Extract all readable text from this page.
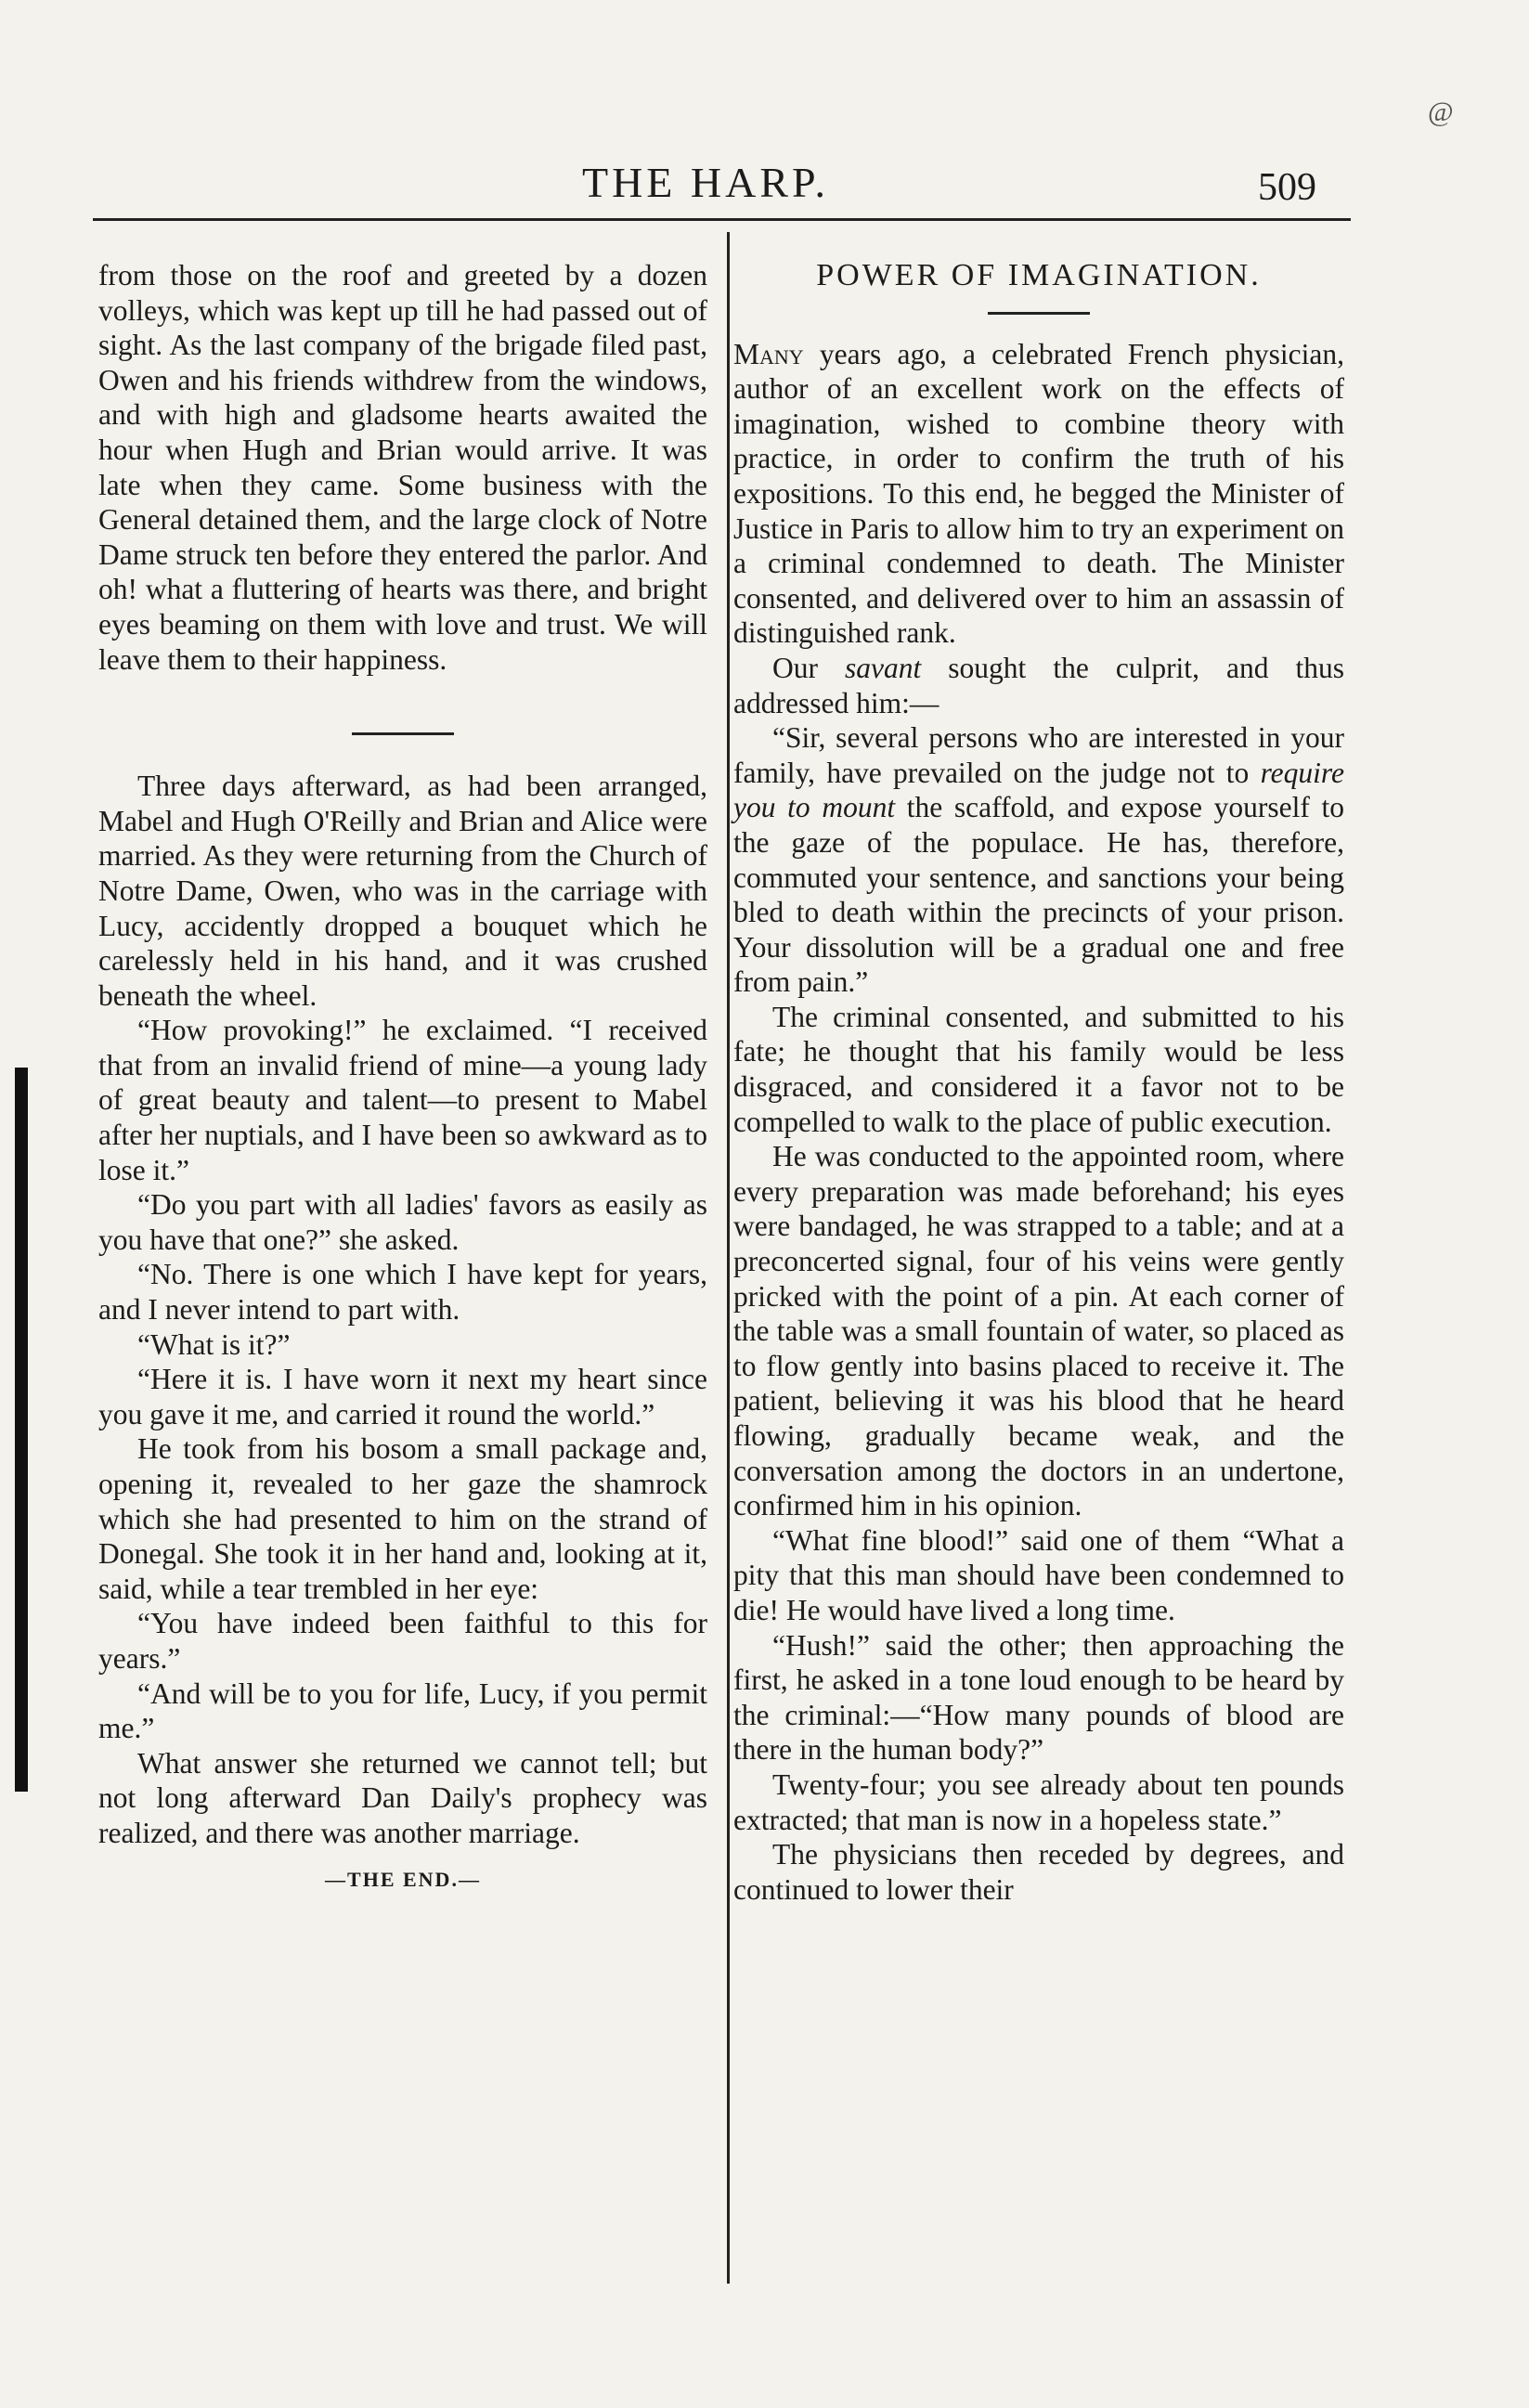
@
THE HARP.	509

from those on the roof and greeted by a dozen volleys, which was kept up till he had passed out of sight. As the last company of the brigade filed past, Owen and his friends withdrew from the windows, and with high and gladsome hearts awaited the hour when Hugh and Brian would arrive. It was late when they came. Some business with the General detained them, and the large clock of Notre Dame struck ten before they entered the parlor. And oh! what a fluttering of hearts was there, and bright eyes beaming on them with love and trust. We will leave them to their happiness.

Three days afterward, as had been arranged, Mabel and Hugh O'Reilly and Brian and Alice were married. As they were returning from the Church of Notre Dame, Owen, who was in the carriage with Lucy, accidently dropped a bouquet which he carelessly held in his hand, and it was crushed beneath the wheel.

“How provoking!” he exclaimed. “I received that from an invalid friend of mine—a young lady of great beauty and talent—to present to Mabel after her nuptials, and I have been so awkward as to lose it.”

“Do you part with all ladies' favors as easily as you have that one?” she asked.

“No. There is one which I have kept for years, and I never intend to part with.

“What is it?”

“Here it is. I have worn it next my heart since you gave it me, and carried it round the world.”

He took from his bosom a small package and, opening it, revealed to her gaze the shamrock which she had presented to him on the strand of Donegal. She took it in her hand and, looking at it, said, while a tear trembled in her eye:

“You have indeed been faithful to this for years.”

“And will be to you for life, Lucy, if you permit me.”

What answer she returned we cannot tell; but not long afterward Dan Daily's prophecy was realized, and there was another marriage.

—THE END.—
POWER OF IMAGINATION.

Many years ago, a celebrated French physician, author of an excellent work on the effects of imagination, wished to combine theory with practice, in order to confirm the truth of his expositions. To this end, he begged the Minister of Justice in Paris to allow him to try an experiment on a criminal condemned to death. The Minister consented, and delivered over to him an assassin of distinguished rank.

Our savant sought the culprit, and thus addressed him:—

“Sir, several persons who are interested in your family, have prevailed on the judge not to require you to mount the scaffold, and expose yourself to the gaze of the populace. He has, therefore, commuted your sentence, and sanctions your being bled to death within the precincts of your prison. Your dissolution will be a gradual one and free from pain.”

The criminal consented, and submitted to his fate; he thought that his family would be less disgraced, and considered it a favor not to be compelled to walk to the place of public execution.

He was conducted to the appointed room, where every preparation was made beforehand; his eyes were bandaged, he was strapped to a table; and at a preconcerted signal, four of his veins were gently pricked with the point of a pin. At each corner of the table was a small fountain of water, so placed as to flow gently into basins placed to receive it. The patient, believing it was his blood that he heard flowing, gradually became weak, and the conversation among the doctors in an undertone, confirmed him in his opinion.

“What fine blood!” said one of them “What a pity that this man should have been condemned to die! He would have lived a long time.

“Hush!” said the other; then approaching the first, he asked in a tone loud enough to be heard by the criminal:—“How many pounds of blood are there in the human body?”

Twenty-four; you see already about ten pounds extracted; that man is now in a hopeless state.”

The physicians then receded by degrees, and continued to lower their
